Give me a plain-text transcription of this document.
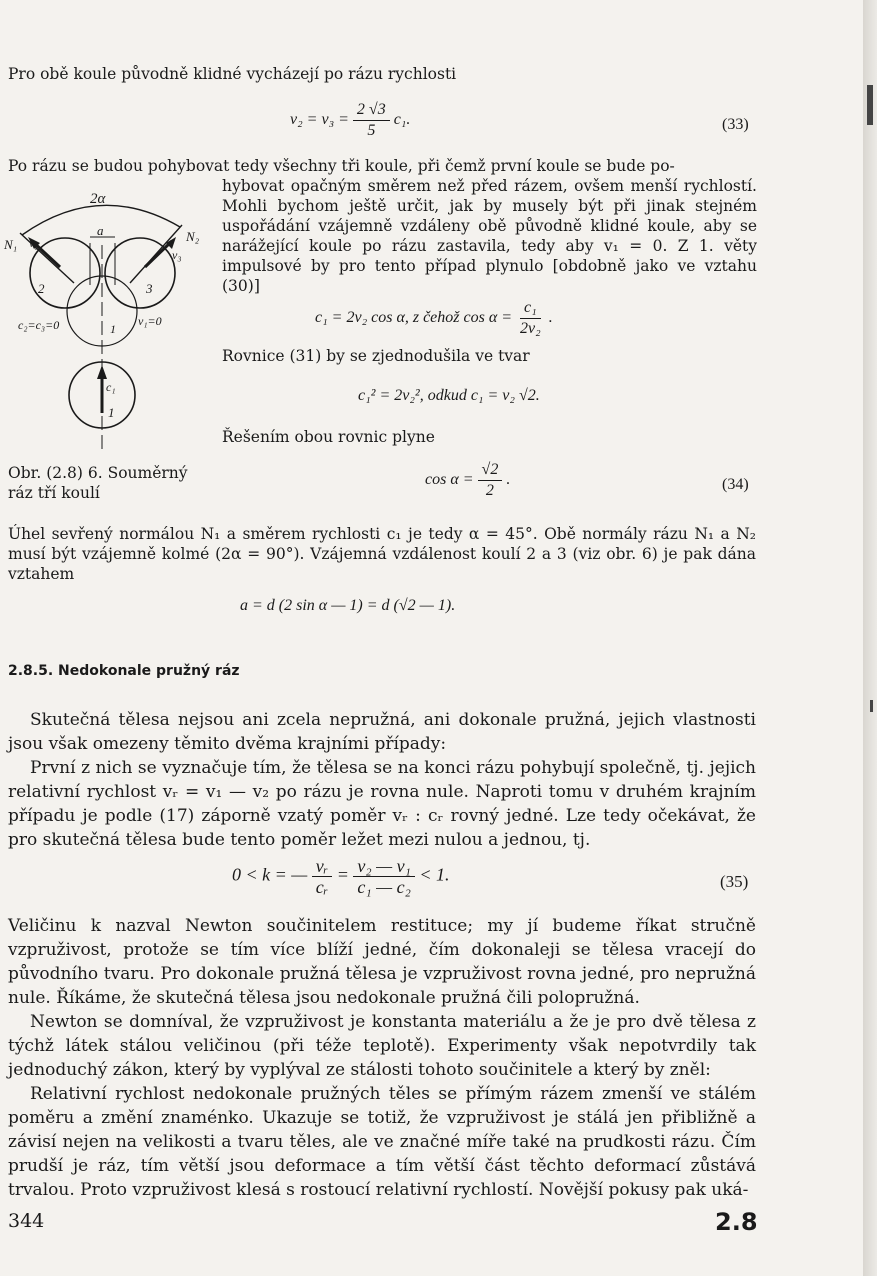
Pro obě koule původně klidné vycházejí po rázu rychlosti
$v_2 = v_3 = \frac{2 √3}{5} c_1$.	(33)
Po rázu se budou pohybovat tedy všechny tři koule, při čemž první koule se bude po-
hybovat opačným směrem než před rázem, ovšem menší rychlostí. Mohli bychom ještě určit, jak by musely být při jinak stejném uspořádání vzájemně vzdáleny obě původně klidné koule, aby se narážející koule po rázu zastavila, tedy aby v₁ = 0. Z 1. věty impulsové by pro tento případ plynulo [obdobně jako ve vztahu (30)]
c₁ = 2v₂ cos α, z čehož $\cos \alpha = \frac{\text{c₁}}{\text{2v₂}}$ .
Rovnice (31) by se zjednodušila ve tvar
c₁² = 2v₂², odkud c₁ = v₂ √2.
Řešením obou rovnic plyne
$\cos \alpha = \frac{√2}{2}$ .	(34)
Obr. (2.8) 6. Souměrný ráz tří koulí
2α
N₁
N₂
v₂
v₃
a
2	3
1
1
c₂=c₃=0	v₁=0
c₁
Úhel sevřený normálou N₁ a směrem rychlosti c₁ je tedy α = 45°. Obě normály rázu N₁ a N₂ musí být vzájemně kolmé (2α = 90°). Vzájemná vzdálenost koulí 2 a 3 (viz obr. 6) je pak dána vztahem
a = d (2 sin α — 1) = d (√2 — 1).
2.8.5. Nedokonale pružný ráz
Skutečná tělesa nejsou ani zcela nepružná, ani dokonale pružná, jejich vlastnosti jsou však omezeny těmito dvěma krajními případy:
První z nich se vyznačuje tím, že tělesa se na konci rázu pohybují společně, tj. jejich relativní rychlost vᵣ = v₁ — v₂ po rázu je rovna nule. Naproti tomu v druhém krajním případu je podle (17) záporně vzatý poměr vᵣ : cᵣ rovný jedné. Lze tedy očekávat, že pro skutečná tělesa bude tento poměr ležet mezi nulou a jednou, tj.
0 < k = — $\frac{\text{vᵣ}}{\text{cᵣ}} = \frac{\text{v₂ — v₁}}{\text{c₁ — c₂}} < 1$.	(35)
Veličinu k nazval Newton součinitelem restituce; my jí budeme říkat stručně vzpruživost, protože se tím více blíží jedné, čím dokonaleji se tělesa vracejí do původního tvaru. Pro dokonale pružná tělesa je vzpruživost rovna jedné, pro nepružná nule. Říkáme, že skutečná tělesa jsou nedokonale pružná čili polopružná.
Newton se domníval, že vzpruživost je konstanta materiálu a že je pro dvě tělesa z týchž látek stálou veličinou (při téže teplotě). Experimenty však nepotvrdily tak jednoduchý zákon, který by vyplýval ze stálosti tohoto součinitele a který by zněl:
Relativní rychlost nedokonale pružných těles se přímým rázem zmenší ve stálém poměru a změní znaménko. Ukazuje se totiž, že vzpruživost je stálá jen přibližně a závisí nejen na velikosti a tvaru těles, ale ve značné míře také na prudkosti rázu. Čím prudší je ráz, tím větší jsou deformace a tím větší část těchto deformací zůstává trvalou. Proto vzpruživost klesá s rostoucí relativní rychlostí. Novější pokusy pak uká-
344	2.8
